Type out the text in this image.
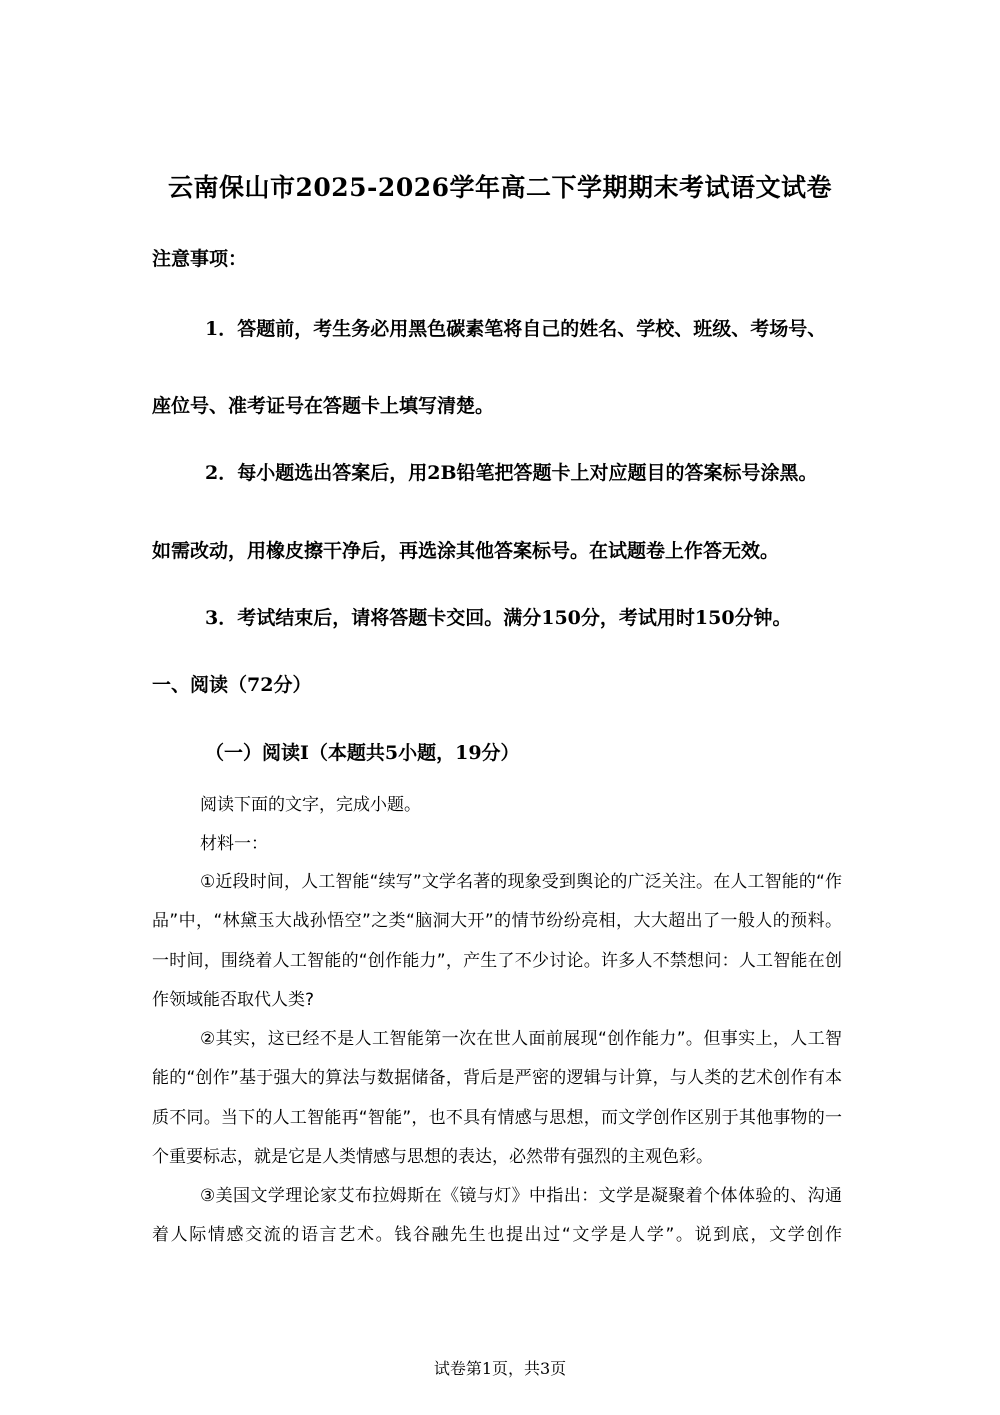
云南保山市2025-2026学年高二下学期期末考试语文试卷
注意事项：
1．答题前，考生务必用黑色碳素笔将自己的姓名、学校、班级、考场号、
座位号、准考证号在答题卡上填写清楚。
2．每小题选出答案后，用2B铅笔把答题卡上对应题目的答案标号涂黑。
如需改动，用橡皮擦干净后，再选涂其他答案标号。在试题卷上作答无效。
3．考试结束后，请将答题卡交回。满分150分，考试用时150分钟。
一、阅读（72分）
（一）阅读Ⅰ（本题共5小题，19分）
阅读下面的文字，完成小题。
材料一：

①近段时间，人工智能“续写”文学名著的现象受到舆论的广泛关注。在人工智能的“作品”中，“林黛玉大战孙悟空”之类“脑洞大开”的情节纷纷亮相，大大超出了一般人的预料。一时间，围绕着人工智能的“创作能力”，产生了不少讨论。许多人不禁想问：人工智能在创作领域能否取代人类?

②其实，这已经不是人工智能第一次在世人面前展现“创作能力”。但事实上，人工智能的“创作”基于强大的算法与数据储备，背后是严密的逻辑与计算，与人类的艺术创作有本质不同。当下的人工智能再“智能”，也不具有情感与思想，而文学创作区别于其他事物的一个重要标志，就是它是人类情感与思想的表达，必然带有强烈的主观色彩。

③美国文学理论家艾布拉姆斯在《镜与灯》中指出：文学是凝聚着个体体验的、沟通着人际情感交流的语言艺术。钱谷融先生也提出过“文学是人学”。说到底，文学创作

试卷第1页，共3页
